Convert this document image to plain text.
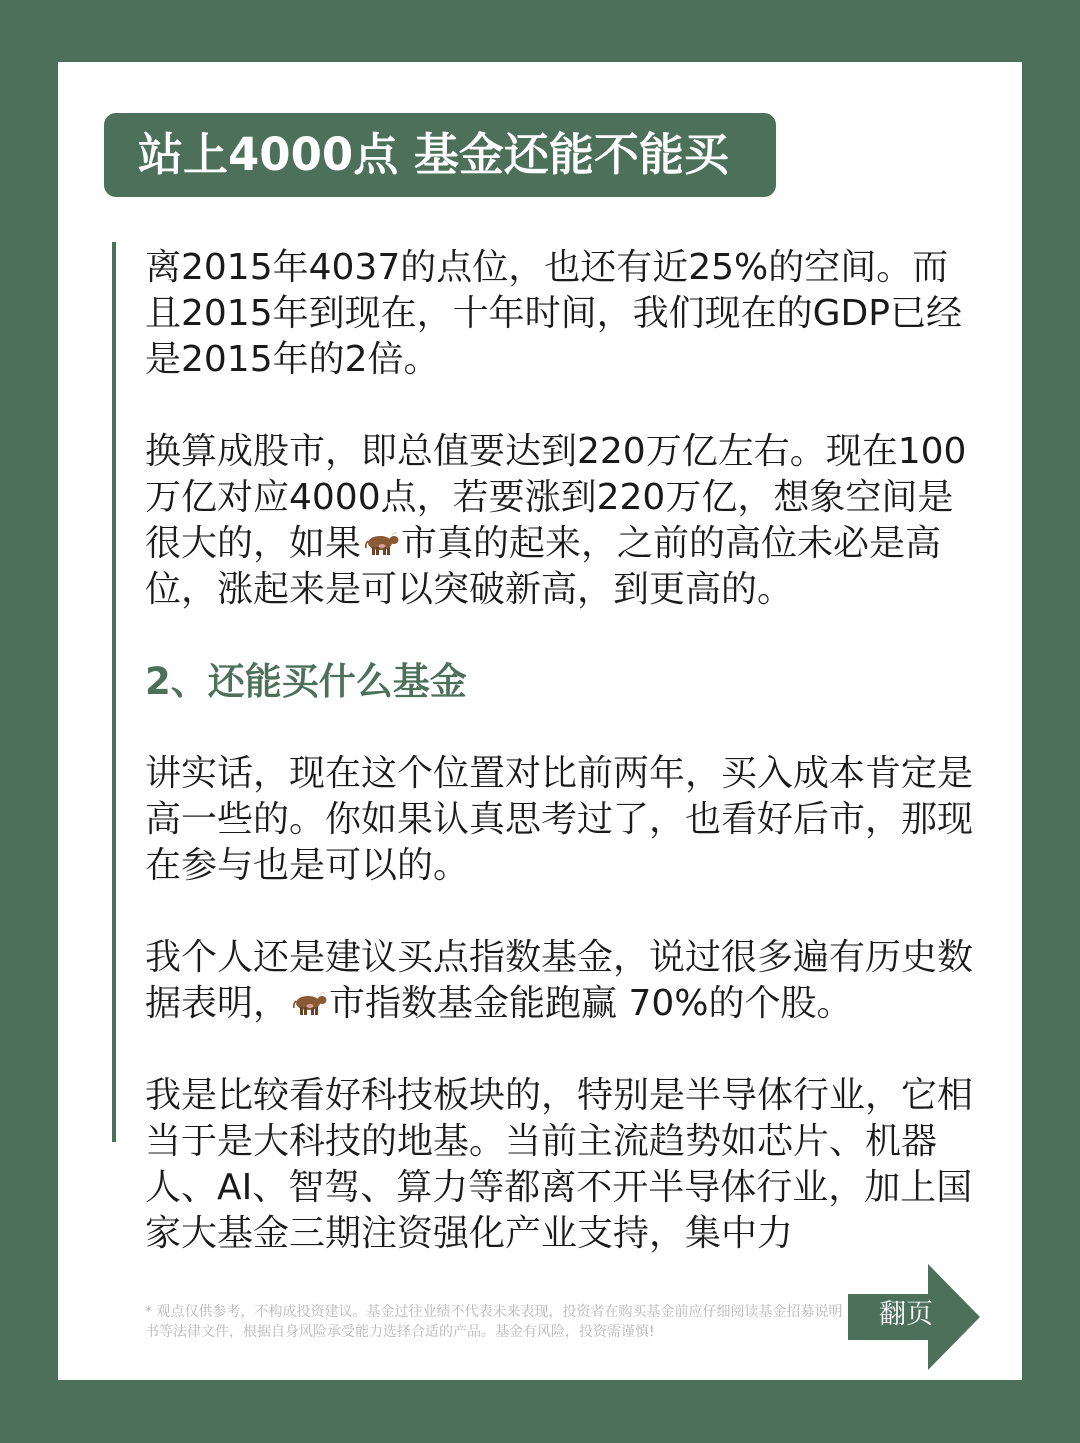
站上4000点 基金还能不能买

离2015年4037的点位，也还有近25%的空间。而且2015年到现在，十年时间，我们现在的GDP已经是2015年的2倍。

换算成股市，即总值要达到220万亿左右。现在100万亿对应4000点，若要涨到220万亿，想象空间是很大的，如果 市真的起来，之前的高位未必是高位，涨起来是可以突破新高，到更高的。

2、还能买什么基金

讲实话，现在这个位置对比前两年，买入成本肯定是高一些的。你如果认真思考过了，也看好后市，那现在参与也是可以的。

我个人还是建议买点指数基金，说过很多遍有历史数据表明， 市指数基金能跑赢 70%的个股。

我是比较看好科技板块的，特别是半导体行业，它相当于是大科技的地基。当前主流趋势如芯片、机器人、AI、智驾、算力等都离不开半导体行业，加上国家大基金三期注资强化产业支持，集中力

* 观点仅供参考，不构成投资建议。基金过往业绩不代表未来表现，投资者在购买基金前应仔细阅读基金招募说明书等法律文件，根据自身风险承受能力选择合适的产品。基金有风险，投资需谨慎!
翻页
